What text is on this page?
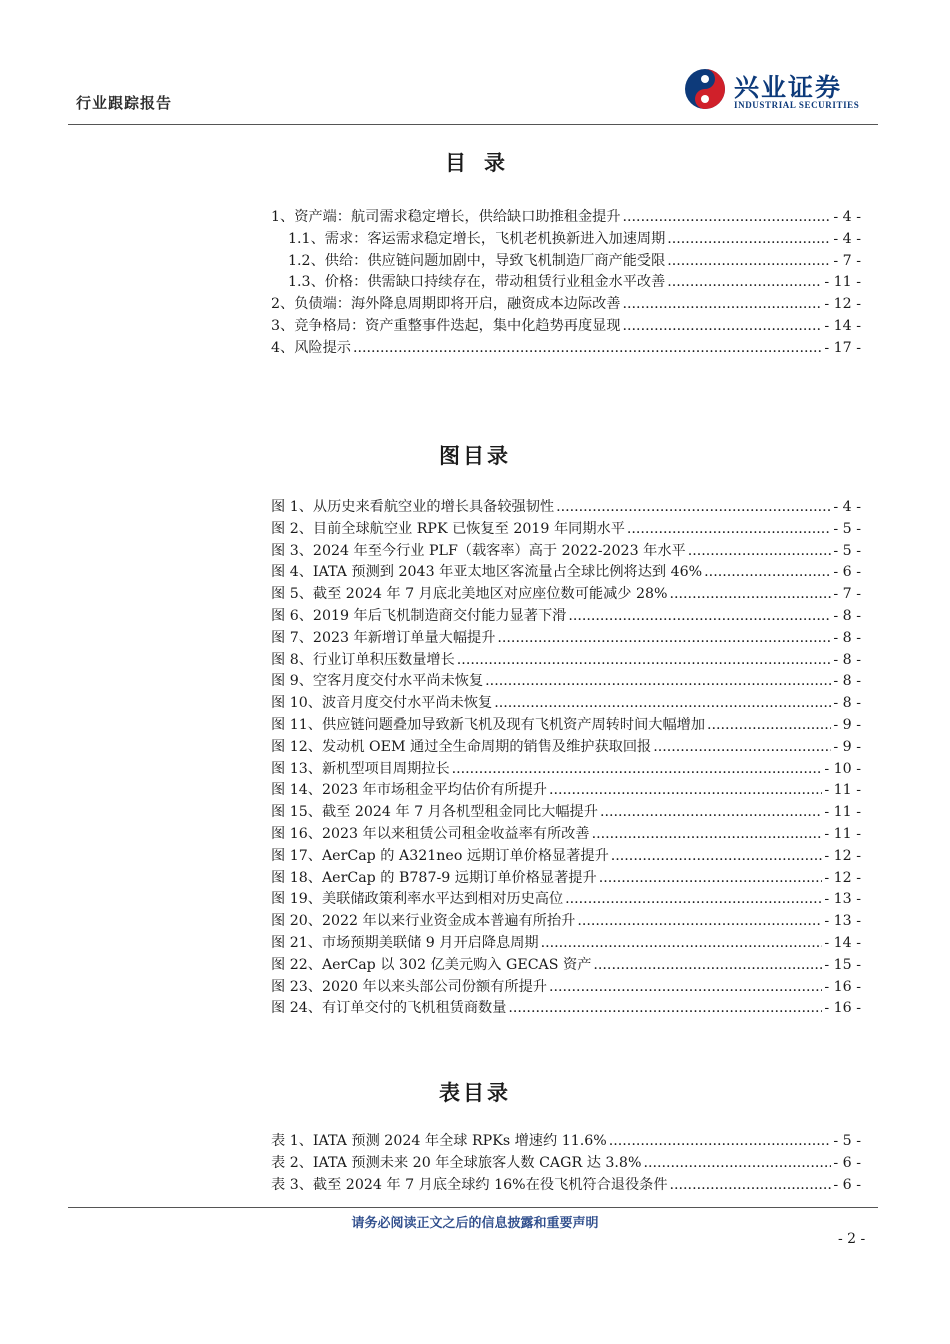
行业跟踪报告
兴业证券
INDUSTRIAL SECURITIES
目录
1、资产端：航司需求稳定增长，供给缺口助推租金提升 .....	- 4 -
1.1、需求：客运需求稳定增长，飞机老机换新进入加速周期 .....	- 4 -
1.2、供给：供应链问题加剧中，导致飞机制造厂商产能受限 .....	- 7 -
1.3、价格：供需缺口持续存在，带动租赁行业租金水平改善 .....	- 11 -
2、负债端：海外降息周期即将开启，融资成本边际改善 .....	- 12 -
3、竞争格局：资产重整事件迭起，集中化趋势再度显现 .....	- 14 -
4、风险提示 .....	- 17 -
图目录
图 1、从历史来看航空业的增长具备较强韧性 .....	- 4 -
图 2、目前全球航空业 RPK 已恢复至 2019 年同期水平 .....	- 5 -
图 3、2024 年至今行业 PLF（载客率）高于 2022-2023 年水平 .....	- 5 -
图 4、IATA 预测到 2043 年亚太地区客流量占全球比例将达到 46% .....	- 6 -
图 5、截至 2024 年 7 月底北美地区对应座位数可能减少 28% .....	- 7 -
图 6、2019 年后飞机制造商交付能力显著下滑 .....	- 8 -
图 7、2023 年新增订单量大幅提升 .....	- 8 -
图 8、行业订单积压数量增长 .....	- 8 -
图 9、空客月度交付水平尚未恢复 .....	- 8 -
图 10、波音月度交付水平尚未恢复 .....	- 8 -
图 11、供应链问题叠加导致新飞机及现有飞机资产周转时间大幅增加 .....	- 9 -
图 12、发动机 OEM 通过全生命周期的销售及维护获取回报 .....	- 9 -
图 13、新机型项目周期拉长 .....	- 10 -
图 14、2023 年市场租金平均估价有所提升 .....	- 11 -
图 15、截至 2024 年 7 月各机型租金同比大幅提升 .....	- 11 -
图 16、2023 年以来租赁公司租金收益率有所改善 .....	- 11 -
图 17、AerCap 的 A321neo 远期订单价格显著提升 .....	- 12 -
图 18、AerCap 的 B787-9 远期订单价格显著提升 .....	- 12 -
图 19、美联储政策利率水平达到相对历史高位 .....	- 13 -
图 20、2022 年以来行业资金成本普遍有所抬升 .....	- 13 -
图 21、市场预期美联储 9 月开启降息周期 .....	- 14 -
图 22、AerCap 以 302 亿美元购入 GECAS 资产 .....	- 15 -
图 23、2020 年以来头部公司份额有所提升 .....	- 16 -
图 24、有订单交付的飞机租赁商数量 .....	- 16 -
表目录
表 1、IATA 预测 2024 年全球 RPKs 增速约 11.6% .....	- 5 -
表 2、IATA 预测未来 20 年全球旅客人数 CAGR 达 3.8% .....	- 6 -
表 3、截至 2024 年 7 月底全球约 16%在役飞机符合退役条件 .....	- 6 -
请务必阅读正文之后的信息披露和重要声明
- 2 -
